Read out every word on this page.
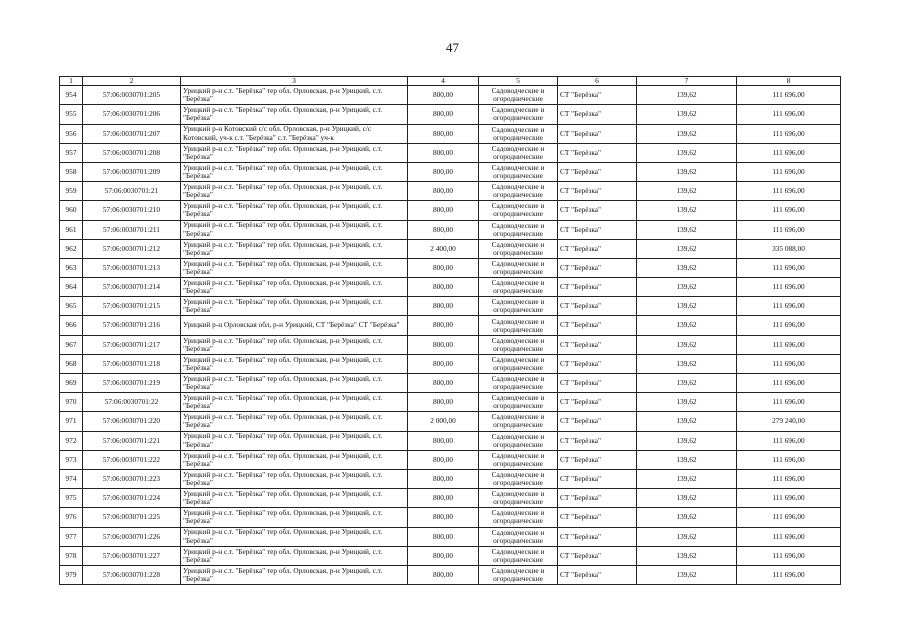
47
1	2	3	4	5	6	7	8
954	57:06:0030701:205	Урицкий р-н с.т. "Берёзка" тер обл. Орловская, р-н Урицкий, с.т. "Берёзка"	800,00	Садоводческие и огороднические	СТ "Берёзка"	139,62	111 696,00
955	57:06:0030701:206	Урицкий р-н с.т. "Берёзка" тер обл. Орловская, р-н Урицкий, с.т. "Берёзка"	800,00	Садоводческие и огороднические	СТ "Берёзка"	139,62	111 696,00
956	57:06:0030701:207	Урицкий р-н Котовский с/с обл. Орловская, р-н Урицкий, с/с Котовский, уч-к с.т. "Берёзка" с.т. "Берёзка" уч-к	800,00	Садоводческие и огороднические	СТ "Берёзка"	139,62	111 696,00
957	57:06:0030701:208	Урицкий р-н с.т. "Берёзка" тер обл. Орловская, р-н Урицкий, с.т. "Берёзка"	800,00	Садоводческие и огороднические	СТ "Берёзка"	139,62	111 696,00
958	57:06:0030701:209	Урицкий р-н с.т. "Берёзка" тер обл. Орловская, р-н Урицкий, с.т. "Берёзка"	800,00	Садоводческие и огороднические	СТ "Берёзка"	139,62	111 696,00
959	57:06:0030701:21	Урицкий р-н с.т. "Берёзка" тер обл. Орловская, р-н Урицкий, с.т. "Берёзка"	800,00	Садоводческие и огороднические	СТ "Берёзка"	139,62	111 696,00
960	57:06:0030701:210	Урицкий р-н с.т. "Берёзка" тер обл. Орловская, р-н Урицкий, с.т. "Берёзка"	800,00	Садоводческие и огороднические	СТ "Берёзка"	139,62	111 696,00
961	57:06:0030701:211	Урицкий р-н с.т. "Берёзка" тер обл. Орловская, р-н Урицкий, с.т. "Берёзка"	800,00	Садоводческие и огороднические	СТ "Берёзка"	139,62	111 696,00
962	57:06:0030701:212	Урицкий р-н с.т. "Берёзка" тер обл. Орловская, р-н Урицкий, с.т. "Берёзка"	2 400,00	Садоводческие и огороднические	СТ "Берёзка"	139,62	335 088,00
963	57:06:0030701:213	Урицкий р-н с.т. "Берёзка" тер обл. Орловская, р-н Урицкий, с.т. "Берёзка"	800,00	Садоводческие и огороднические	СТ "Берёзка"	139,62	111 696,00
964	57:06:0030701:214	Урицкий р-н с.т. "Берёзка" тер обл. Орловская, р-н Урицкий, с.т. "Берёзка"	800,00	Садоводческие и огороднические	СТ "Берёзка"	139,62	111 696,00
965	57:06:0030701:215	Урицкий р-н с.т. "Берёзка" тер обл. Орловская, р-н Урицкий, с.т. "Берёзка"	800,00	Садоводческие и огороднические	СТ "Берёзка"	139,62	111 696,00
966	57:06:0030701:216	Урицкий р-н Орловская обл, р-н Урицкий, СТ "Берёзка" СТ "Берёзка"	800,00	Садоводческие и огороднические	СТ "Берёзка"	139,62	111 696,00
967	57:06:0030701:217	Урицкий р-н с.т. "Берёзка" тер обл. Орловская, р-н Урицкий, с.т. "Берёзка"	800,00	Садоводческие и огороднические	СТ "Берёзка"	139,62	111 696,00
968	57:06:0030701:218	Урицкий р-н с.т. "Берёзка" тер обл. Орловская, р-н Урицкий, с.т. "Берёзка"	800,00	Садоводческие и огороднические	СТ "Берёзка"	139,62	111 696,00
969	57:06:0030701:219	Урицкий р-н с.т. "Берёзка" тер обл. Орловская, р-н Урицкий, с.т. "Берёзка"	800,00	Садоводческие и огороднические	СТ "Берёзка"	139,62	111 696,00
970	57:06:0030701:22	Урицкий р-н с.т. "Берёзка" тер обл. Орловская, р-н Урицкий, с.т. "Берёзка"	800,00	Садоводческие и огороднические	СТ "Берёзка"	139,62	111 696,00
971	57:06:0030701:220	Урицкий р-н с.т. "Берёзка" тер обл. Орловская, р-н Урицкий, с.т. "Берёзка"	2 000,00	Садоводческие и огороднические	СТ "Берёзка"	139,62	279 240,00
972	57:06:0030701:221	Урицкий р-н с.т. "Берёзка" тер обл. Орловская, р-н Урицкий, с.т. "Берёзка"	800,00	Садоводческие и огороднические	СТ "Берёзка"	139,62	111 696,00
973	57:06:0030701:222	Урицкий р-н с.т. "Берёзка" тер обл. Орловская, р-н Урицкий, с.т. "Берёзка"	800,00	Садоводческие и огороднические	СТ "Берёзка"	139,62	111 696,00
974	57:06:0030701:223	Урицкий р-н с.т. "Берёзка" тер обл. Орловская, р-н Урицкий, с.т. "Берёзка"	800,00	Садоводческие и огороднические	СТ "Берёзка"	139,62	111 696,00
975	57:06:0030701:224	Урицкий р-н с.т. "Берёзка" тер обл. Орловская, р-н Урицкий, с.т. "Берёзка"	800,00	Садоводческие и огороднические	СТ "Берёзка"	139,62	111 696,00
976	57:06:0030701:225	Урицкий р-н с.т. "Берёзка" тер обл. Орловская, р-н Урицкий, с.т. "Берёзка"	800,00	Садоводческие и огороднические	СТ "Берёзка"	139,62	111 696,00
977	57:06:0030701:226	Урицкий р-н с.т. "Берёзка" тер обл. Орловская, р-н Урицкий, с.т. "Берёзка"	800,00	Садоводческие и огороднические	СТ "Берёзка"	139,62	111 696,00
978	57:06:0030701:227	Урицкий р-н с.т. "Берёзка" тер обл. Орловская, р-н Урицкий, с.т. "Берёзка"	800,00	Садоводческие и огороднические	СТ "Берёзка"	139,62	111 696,00
979	57:06:0030701:228	Урицкий р-н с.т. "Берёзка" тер обл. Орловская, р-н Урицкий, с.т. "Берёзка"	800,00	Садоводческие и огороднические	СТ "Берёзка"	139,62	111 696,00
